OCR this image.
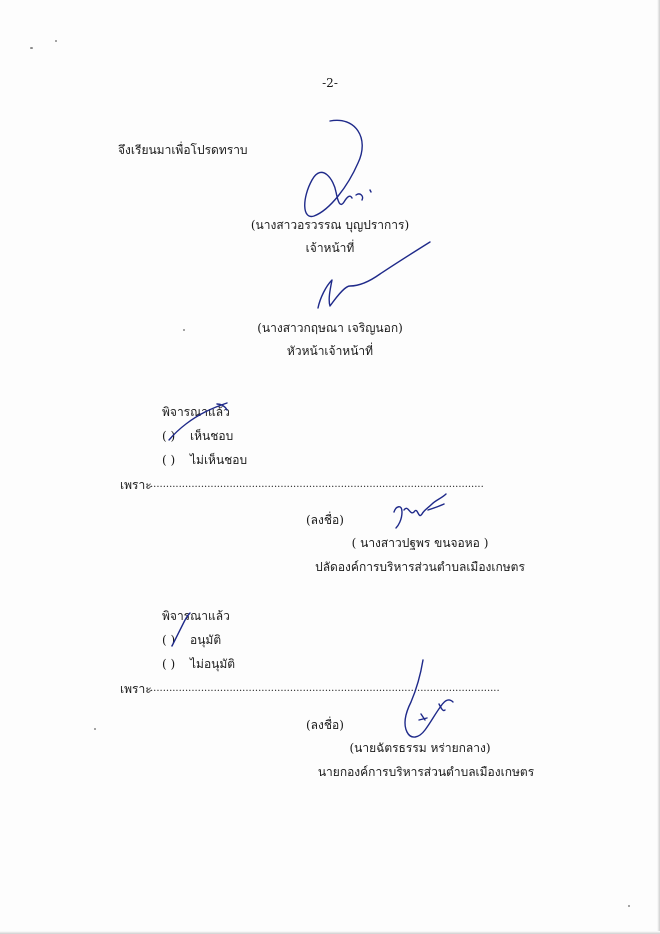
-2-
จึงเรียนมาเพื่อโปรดทราบ
(นางสาวอรวรรณ บุญปราการ)
เจ้าหน้าที่
(นางสาวกฤษณา เจริญนอก)
หัวหน้าเจ้าหน้าที่
พิจารณาแล้ว
( ) เห็นชอบ
( ) ไม่เห็นชอบ
เพราะ
.........................................................................................................
(ลงชื่อ)
( นางสาวปฐพร ขนจอหอ )
ปลัดองค์การบริหารส่วนตำบลเมืองเกษตร
พิจารณาแล้ว
( ) อนุมัติ
( ) ไม่อนุมัติ
เพราะ
..............................................................................................................
(ลงชื่อ)
(นายฉัตรธรรม หร่ายกลาง)
นายกองค์การบริหารส่วนตำบลเมืองเกษตร
